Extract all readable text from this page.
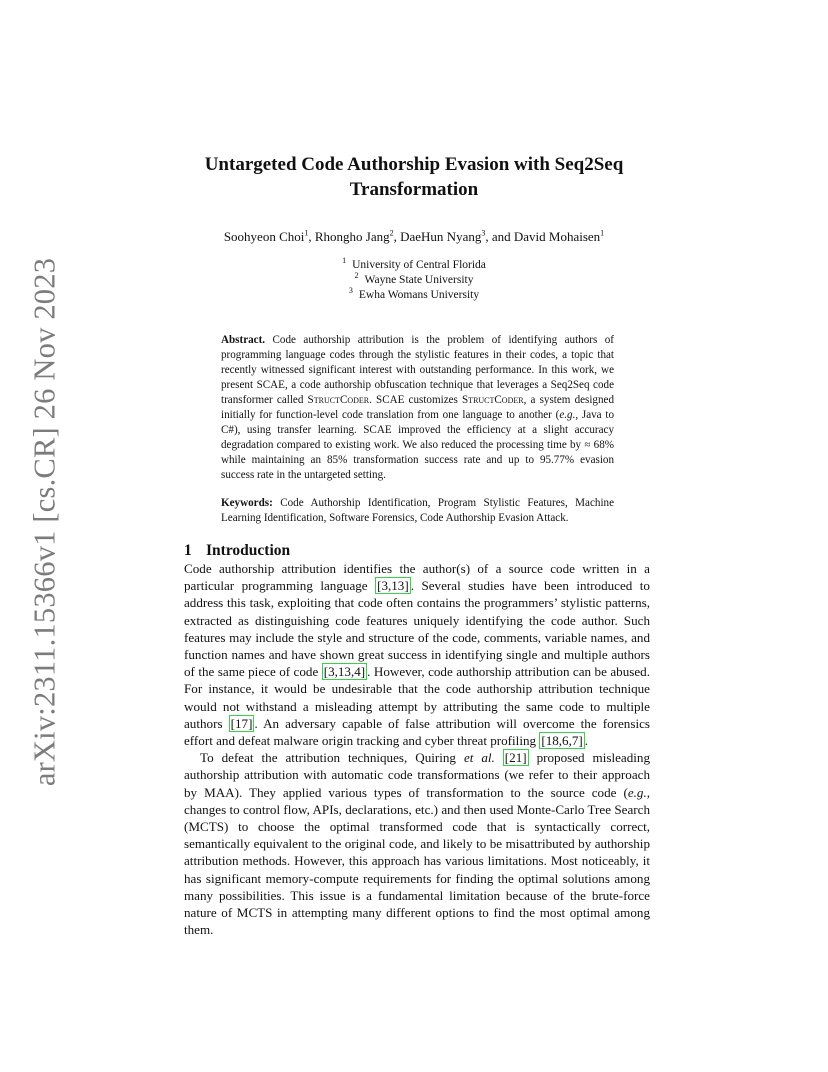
arXiv:2311.15366v1 [cs.CR] 26 Nov 2023
Untargeted Code Authorship Evasion with Seq2Seq
Transformation
Soohyeon Choi$^1$, Rhongho Jang$^2$, DaeHun Nyang$^3$, and David Mohaisen$^1$
$^1$ University of Central Florida
$^2$ Wayne State University
$^3$ Ewha Womans University

Abstract. Code authorship attribution is the problem of identifying authors of programming language codes through the stylistic features in their codes, a topic that recently witnessed significant interest with outstanding performance. In this work, we present SCAE, a code authorship obfuscation technique that leverages a Seq2Seq code transformer called StructCoder. SCAE customizes StructCoder, a system designed initially for function-level code translation from one language to another (e.g., Java to C#), using transfer learning. SCAE improved the efficiency at a slight accuracy degradation compared to existing work. We also reduced the processing time by ≈ 68% while maintaining an 85% transformation success rate and up to 95.77% evasion success rate in the untargeted setting.

Keywords: Code Authorship Identification, Program Stylistic Features, Machine Learning Identification, Software Forensics, Code Authorship Evasion Attack.

1 Introduction

Code authorship attribution identifies the author(s) of a source code written in a particular programming language [3,13] . Several studies have been introduced to address this task, exploiting that code often contains the programmers’ stylistic patterns, extracted as distinguishing code features uniquely identifying the code author. Such features may include the style and structure of the code, comments, variable names, and function names and have shown great success in identifying single and multiple authors of the same piece of code [3,13,4] . However, code authorship attribution can be abused. For instance, it would be undesirable that the code authorship attribution technique would not withstand a misleading attempt by attributing the same code to multiple authors [17] . An adversary capable of false attribution will overcome the forensics effort and defeat malware origin tracking and cyber threat profiling [18,6,7] .

To defeat the attribution techniques, Quiring et al. [21] proposed misleading authorship attribution with automatic code transformations (we refer to their approach by MAA). They applied various types of transformation to the source code (e.g., changes to control flow, APIs, declarations, etc.) and then used Monte-Carlo Tree Search (MCTS) to choose the optimal transformed code that is syntactically correct, semantically equivalent to the original code, and likely to be misattributed by authorship attribution methods. However, this approach has various limitations. Most noticeably, it has significant memory-compute requirements for finding the optimal solutions among many possibilities. This issue is a fundamental limitation because of the brute-force nature of MCTS in attempting many different options to find the most optimal among them.
